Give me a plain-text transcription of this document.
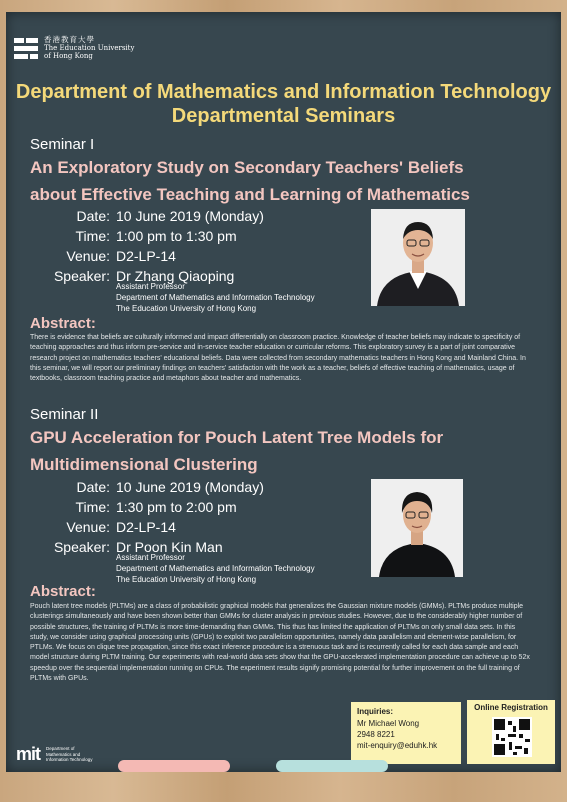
香港教育大學
The Education University
of Hong Kong
Department of Mathematics and Information Technology
Departmental Seminars
Seminar I
An Exploratory Study on Secondary Teachers' Beliefs
about Effective Teaching and Learning of Mathematics
Date: 10 June 2019 (Monday)
Time: 1:00 pm to 1:30 pm
Venue: D2-LP-14
Speaker: Dr Zhang Qiaoping
Assistant Professor
Department of Mathematics and Information Technology
The Education University of Hong Kong
Abstract:
There is evidence that beliefs are culturally informed and impact differentially on classroom practice. Knowledge of teacher beliefs may indicate to specificity of teaching approaches and thus inform pre-service and in-service teacher education or curricular reforms. This exploratory survey is a part of joint comparative research project on mathematics teachers' educational beliefs. Data were collected from secondary mathematics teachers in Hong Kong and Mainland China. In this seminar, we will report our preliminary findings on teachers' satisfaction with the work as a teacher, beliefs of effective teaching of mathematics, usage of textbooks, classroom teaching practice and metaphors about teacher and mathematics.
Seminar II
GPU Acceleration for Pouch Latent Tree Models for
Multidimensional Clustering
Date: 10 June 2019 (Monday)
Time: 1:30 pm to 2:00 pm
Venue: D2-LP-14
Speaker: Dr Poon Kin Man
Assistant Professor
Department of Mathematics and Information Technology
The Education University of Hong Kong
Abstract:
Pouch latent tree models (PLTMs) are a class of probabilistic graphical models that generalizes the Gaussian mixture models (GMMs). PLTMs produce multiple clusterings simultaneously and have been shown better than GMMs for cluster analysis in previous studies. However, due to the considerably higher number of possible structures, the training of PLTMs is more time-demanding than GMMs. This thus has limited the application of PLTMs on only small data sets. In this study, we consider using graphical processing units (GPUs) to exploit two parallelism opportunities, namely data parallelism and element-wise parallelism, for PTLMs. We focus on clique tree propagation, since this exact inference procedure is a strenuous task and is recurrently called for each data sample and each model structure during PLTM training. Our experiments with real-world data sets show that the GPU-accelerated implementation procedure can achieve up to 52x speedup over the sequential implementation running on CPUs. The experiment results signify promising potential for further improvement on the full training of PLTMs with GPUs.
Inquiries:
Mr Michael Wong
2948 8221
mit-enquiry@eduhk.hk
Online Registration
mit Department of
Mathematics and
Information Technology
